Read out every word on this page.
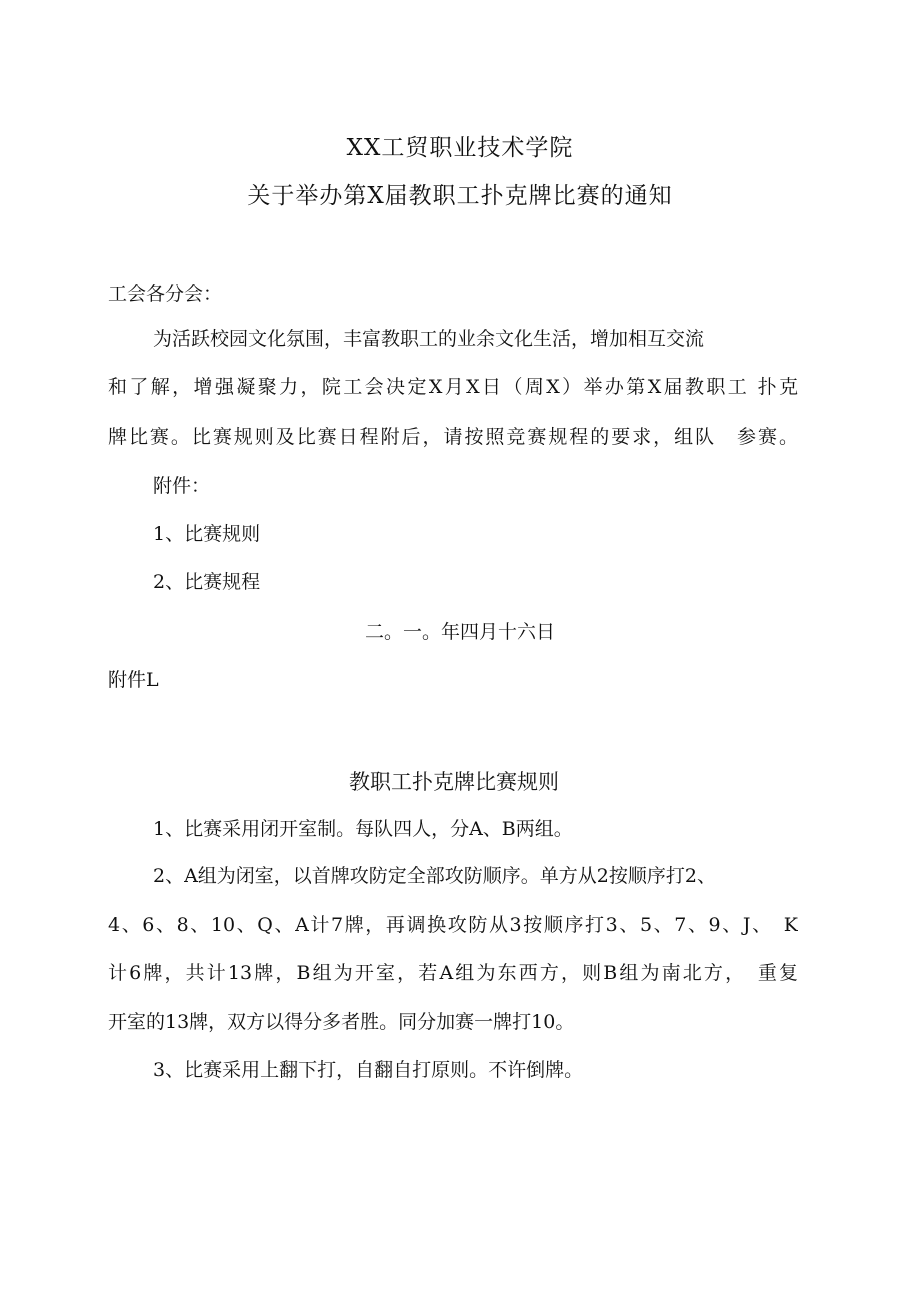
XX工贸职业技术学院
关于举办第X届教职工扑克牌比赛的通知
工会各分会：
为活跃校园文化氛围，丰富教职工的业余文化生活，增加相互交流
和了解，增强凝聚力，院工会决定X月X日（周X）举办第X届教职工 扑克
牌比赛。比赛规则及比赛日程附后，请按照竞赛规程的要求，组队　参赛。
附件：
1、比赛规则
2、比赛规程
二。一。年四月十六日
附件L
教职工扑克牌比赛规则
1、比赛采用闭开室制。每队四人，分A、B两组。
2、A组为闭室，以首牌攻防定全部攻防顺序。单方从2按顺序打2、
4、6、8、10、Q、A计7牌，再调换攻防从3按顺序打3、5、7、9、J、　K
计6牌，共计13牌，B组为开室，若A组为东西方，则B组为南北方，　重复
开室的13牌，双方以得分多者胜。同分加赛一牌打10。
3、比赛采用上翻下打，自翻自打原则。不许倒牌。
